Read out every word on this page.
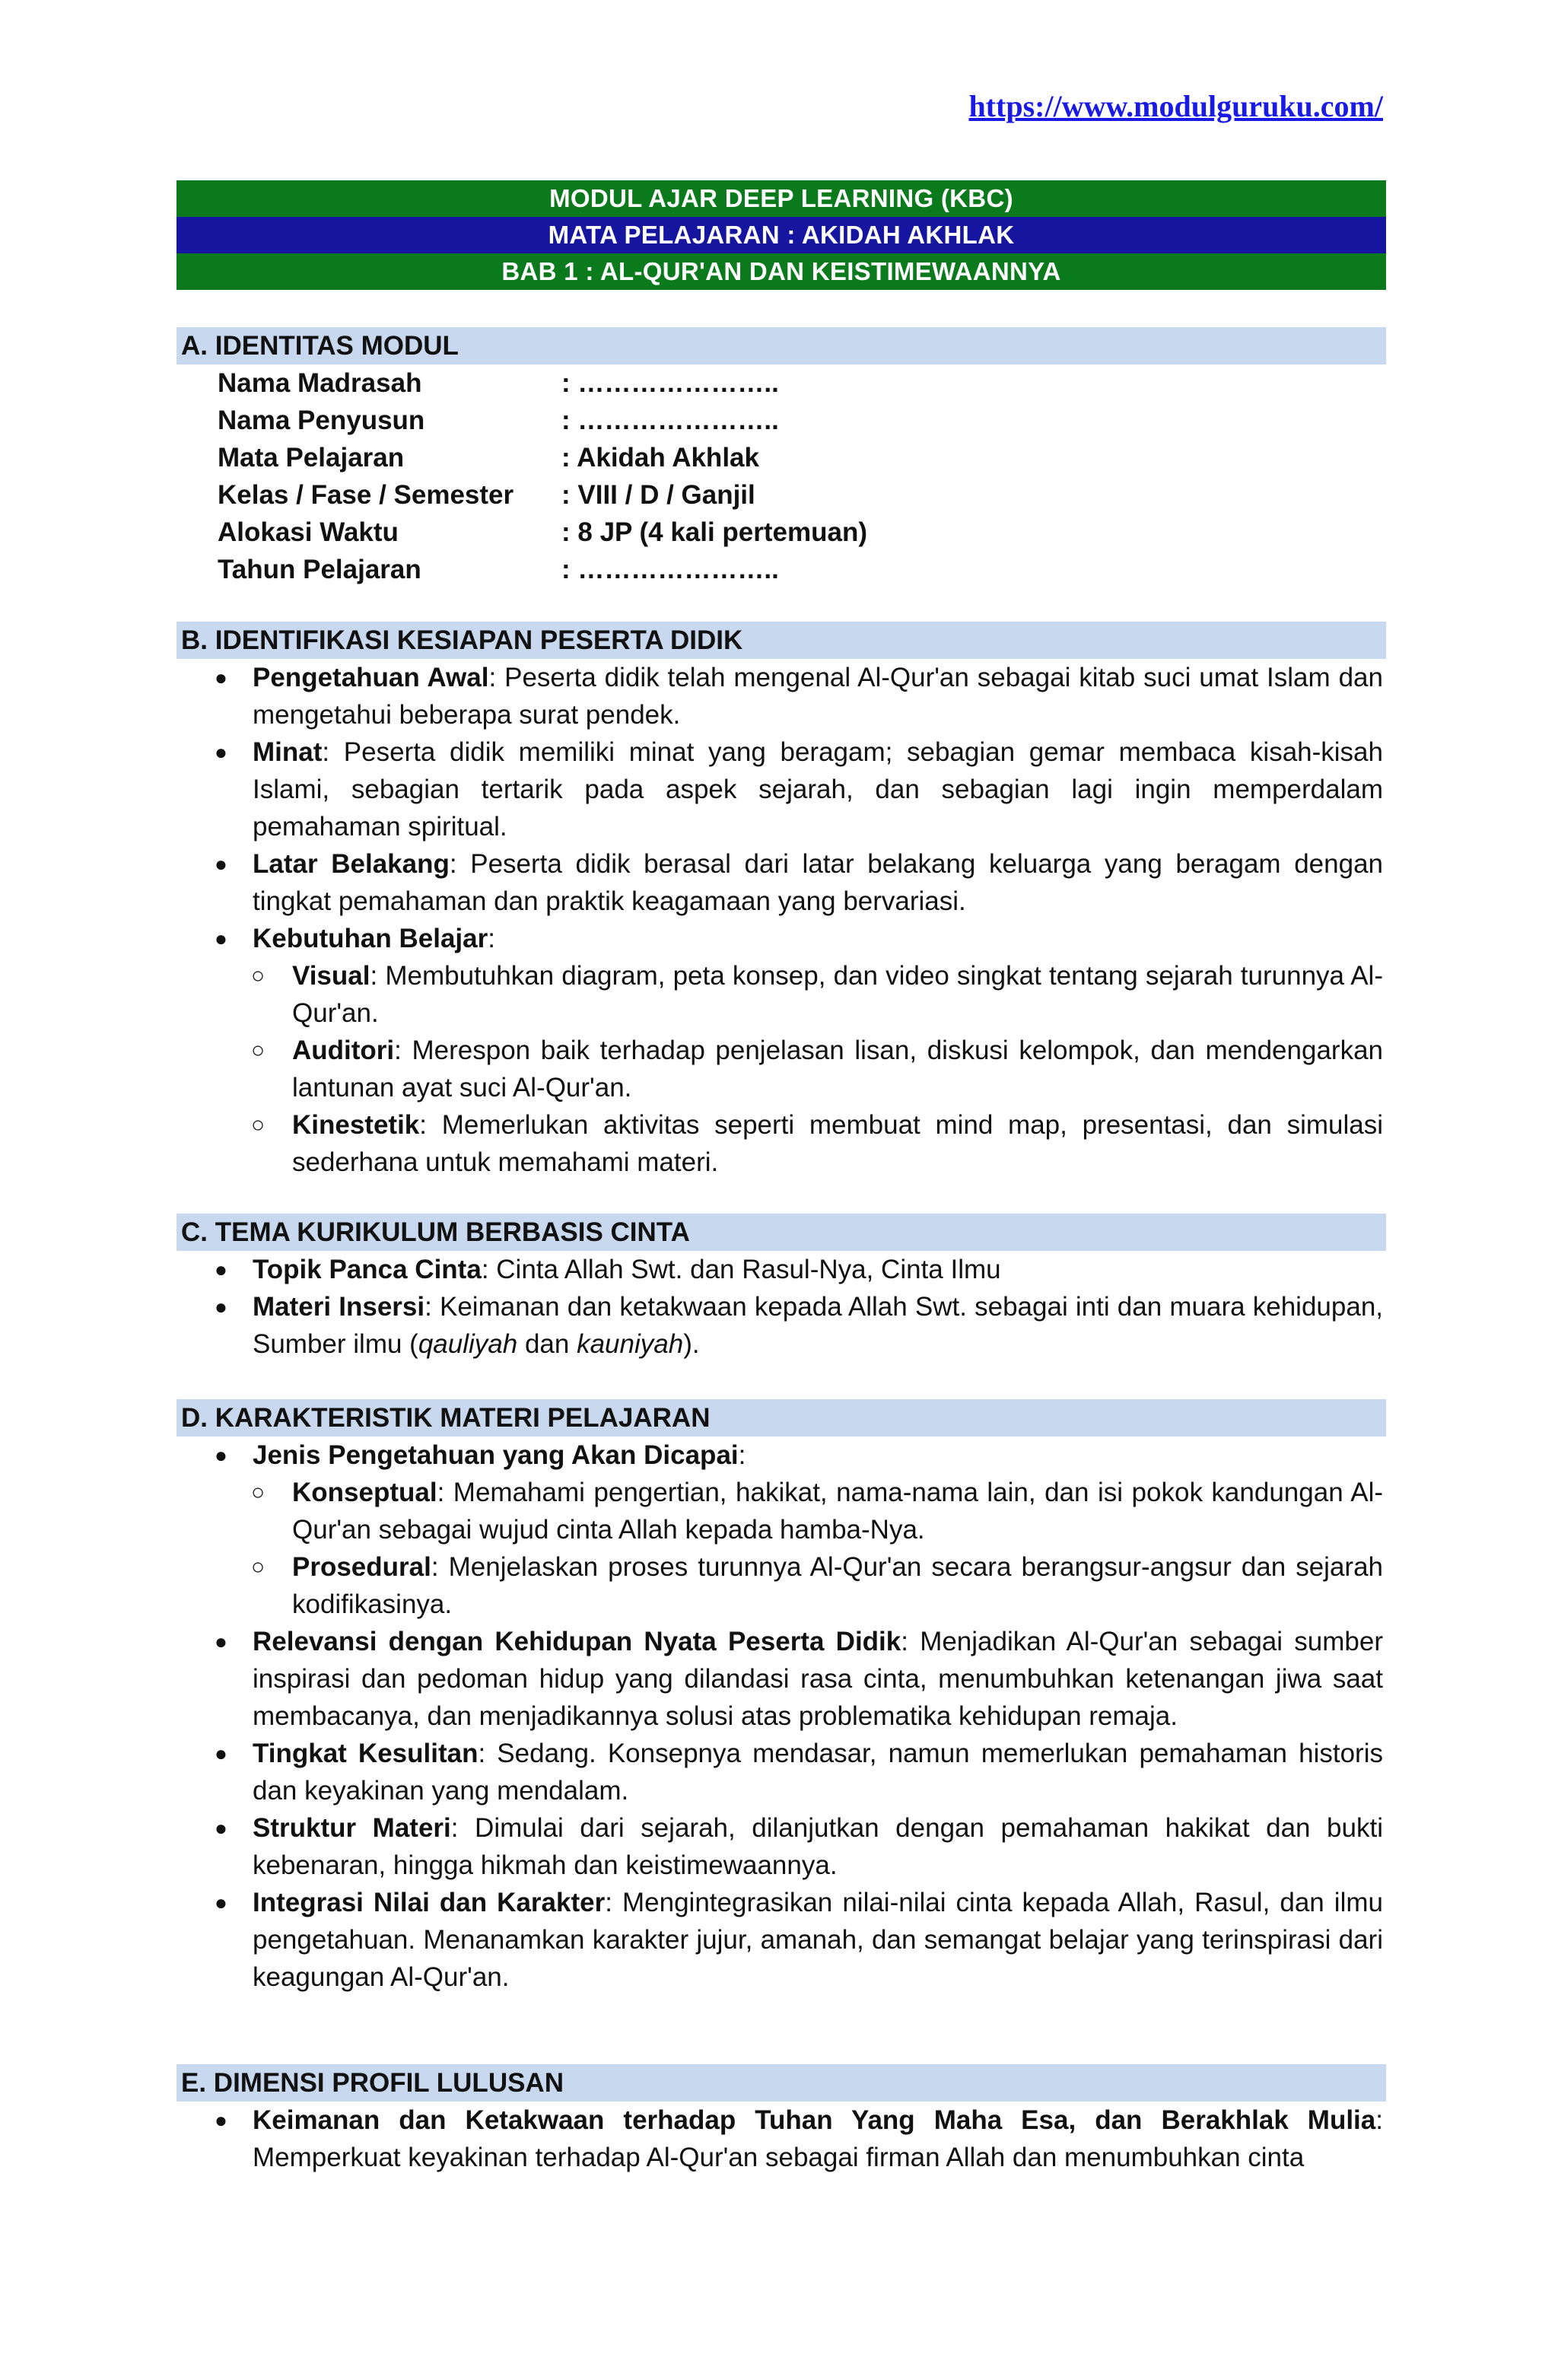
https://www.modulguruku.com/
MODUL AJAR DEEP LEARNING (KBC)
MATA PELAJARAN : AKIDAH AKHLAK
BAB 1 : AL-QUR'AN DAN KEISTIMEWAANNYA
A. IDENTITAS MODUL
Nama Madrasah	: …………………..
Nama Penyusun	: …………………..
Mata Pelajaran	: Akidah Akhlak
Kelas / Fase / Semester	: VIII / D / Ganjil
Alokasi Waktu	: 8 JP (4 kali pertemuan)
Tahun Pelajaran	: …………………..
B. IDENTIFIKASI KESIAPAN PESERTA DIDIK
● Pengetahuan Awal: Peserta didik telah mengenal Al-Qur'an sebagai kitab suci umat Islam dan mengetahui beberapa surat pendek.
● Minat: Peserta didik memiliki minat yang beragam; sebagian gemar membaca kisah-kisah Islami, sebagian tertarik pada aspek sejarah, dan sebagian lagi ingin memperdalam pemahaman spiritual.
● Latar Belakang: Peserta didik berasal dari latar belakang keluarga yang beragam dengan tingkat pemahaman dan praktik keagamaan yang bervariasi.
● Kebutuhan Belajar:
○ Visual: Membutuhkan diagram, peta konsep, dan video singkat tentang sejarah turunnya Al-Qur'an.
○ Auditori: Merespon baik terhadap penjelasan lisan, diskusi kelompok, dan mendengarkan lantunan ayat suci Al-Qur'an.
○ Kinestetik: Memerlukan aktivitas seperti membuat mind map, presentasi, dan simulasi sederhana untuk memahami materi.
C. TEMA KURIKULUM BERBASIS CINTA
● Topik Panca Cinta: Cinta Allah Swt. dan Rasul-Nya, Cinta Ilmu
● Materi Insersi: Keimanan dan ketakwaan kepada Allah Swt. sebagai inti dan muara kehidupan, Sumber ilmu (qauliyah dan kauniyah).
D. KARAKTERISTIK MATERI PELAJARAN
● Jenis Pengetahuan yang Akan Dicapai:
○ Konseptual: Memahami pengertian, hakikat, nama-nama lain, dan isi pokok kandungan Al-Qur'an sebagai wujud cinta Allah kepada hamba-Nya.
○ Prosedural: Menjelaskan proses turunnya Al-Qur'an secara berangsur-angsur dan sejarah kodifikasinya.
● Relevansi dengan Kehidupan Nyata Peserta Didik: Menjadikan Al-Qur'an sebagai sumber inspirasi dan pedoman hidup yang dilandasi rasa cinta, menumbuhkan ketenangan jiwa saat membacanya, dan menjadikannya solusi atas problematika kehidupan remaja.
● Tingkat Kesulitan: Sedang. Konsepnya mendasar, namun memerlukan pemahaman historis dan keyakinan yang mendalam.
● Struktur Materi: Dimulai dari sejarah, dilanjutkan dengan pemahaman hakikat dan bukti kebenaran, hingga hikmah dan keistimewaannya.
● Integrasi Nilai dan Karakter: Mengintegrasikan nilai-nilai cinta kepada Allah, Rasul, dan ilmu pengetahuan. Menanamkan karakter jujur, amanah, dan semangat belajar yang terinspirasi dari keagungan Al-Qur'an.
E. DIMENSI PROFIL LULUSAN
● Keimanan dan Ketakwaan terhadap Tuhan Yang Maha Esa, dan Berakhlak Mulia: Memperkuat keyakinan terhadap Al-Qur'an sebagai firman Allah dan menumbuhkan cinta
